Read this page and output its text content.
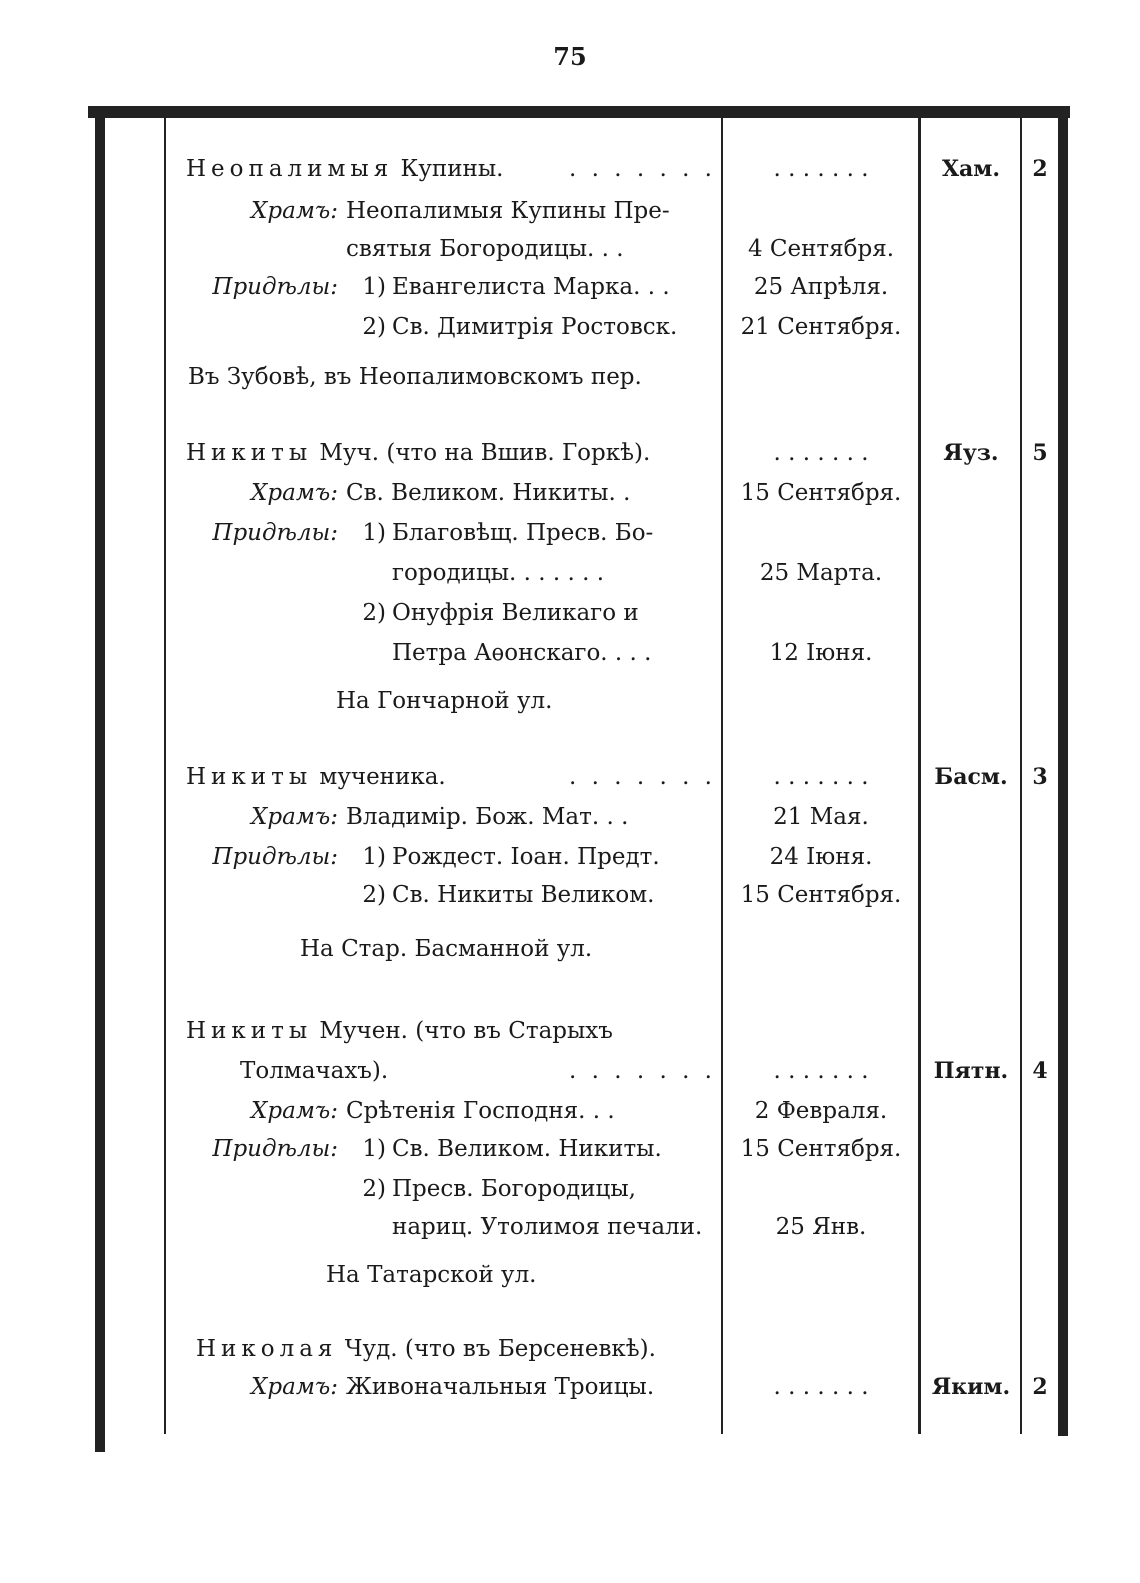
75
Неопалимыя Купины.	. . . . . . .	. . . . . . .	Хам.	2
Храмъ: Неопалимыя Купины Пре-
святыя Богородицы. . .	4 Сентября.
Придѣлы: 1) Евангелиста Марка. . .	25 Апрѣля.
2) Св. Димитрія Ростовск.	21 Сентября.
Въ Зубовѣ, въ Неопалимовскомъ пер.
Никиты Муч. (что на Вшив. Горкѣ).	. . . . . . .	Яуз.	5
Храмъ: Св. Великом. Никиты. .	15 Сентября.
Придѣлы: 1) Благовѣщ. Пресв. Бо-
городицы. . . . . . .	25 Марта.
2) Онуфрія Великаго и
Петра Аѳонскаго. . . .	12 Іюня.
На Гончарной ул.
Никиты мученика.	. . . . . . .	. . . . . . .	Басм.	3
Храмъ: Владимір. Бож. Мат. . .	21 Мая.
Придѣлы: 1) Рождест. Іоан. Предт.	24 Іюня.
2) Св. Никиты Великом.	15 Сентября.
На Стар. Басманной ул.
Никиты Мучен. (что въ Старыхъ
Толмачахъ).	. . . . . . .	. . . . . . .	Пятн.	4
Храмъ: Срѣтенія Господня. . .	2 Февраля.
Придѣлы: 1) Св. Великом. Никиты.	15 Сентября.
2) Пресв. Богородицы,
нариц. Утолимоя печали.	25 Янв.
На Татарской ул.
Николая Чуд. (что въ Берсеневкѣ).
Храмъ: Живоначальныя Троицы.	. . . . . . .	Яким.	2
